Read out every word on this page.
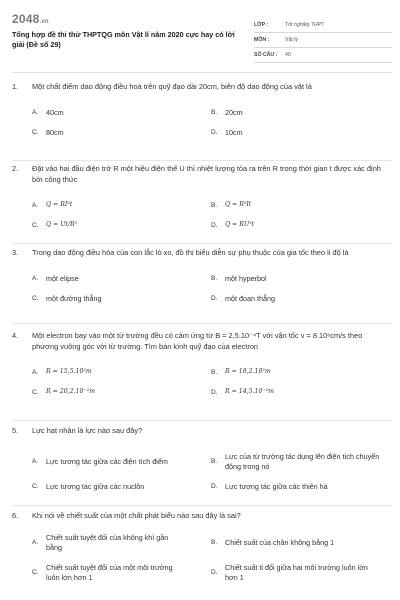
2048.vn
Tổng hợp đề thi thử THPTQG môn Vật lí năm 2020 cực hay có lời giải (Đề số 29)
LỚP :	Tốt nghiệp THPT
MÔN :	Vật lý
SỐ CÂU :	40
1.	Một chất điểm dao động điều hoà trên quỹ đạo dài 20cm, biên độ dao động của vật là
A.	40cm	B.	20cm
C.	80cm	D.	10cm
2.	Đặt vào hai đầu điện trở R một hiệu điện thế U thì nhiệt lượng tỏa ra trên R trong thời gian t được xác định bởi công thức
A.	Q = RI²t	B.	Q = R²It
C.	Q = Ut/R²	D.	Q = RU²t
3.	Trong dao động điều hòa của con lắc lò xo, đồ thị biểu diễn sự phụ thuộc của gia tốc theo li độ là
A.	một elipse	B.	một hyperbol
C.	một đường thẳng	D.	một đoạn thẳng
4.	Một electron bay vào một từ trường đều có cảm ứng từ B = 2,5.10⁻⁴T với vận tốc v = 8.10⁶cm/s theo phương vuông góc với từ trường. Tìm bán kính quỹ đạo của electron
A.	R = 15,5.10²m	B.	R = 18,2.10²m
C.	R = 20,2.10⁻²m	D.	R = 14,5.10⁻²m
5.	Lực hạt nhân là lực nào sau đây?
A.	Lực tương tác giữa các điện tích điểm	B.
Lực của từ trường tác dụng lên điện tích chuyển động trong nó
C.	Lực tương tác giữa các nuclôn	D.	Lực tương tác giữa các thiên hà
6.	Khi nói về chiết suất của một chất phát biểu nào sau đây là sai?
A.
Chiết suất tuyệt đối của không khí gần bằng
B.	Chiết suất của chân không bằng 1
C.
Chiết suất tuyệt đối của một môi trường luôn lớn hơn 1	D.
Chiết suất tỉ đối giữa hai môi trường luôn lớn hơn 1
